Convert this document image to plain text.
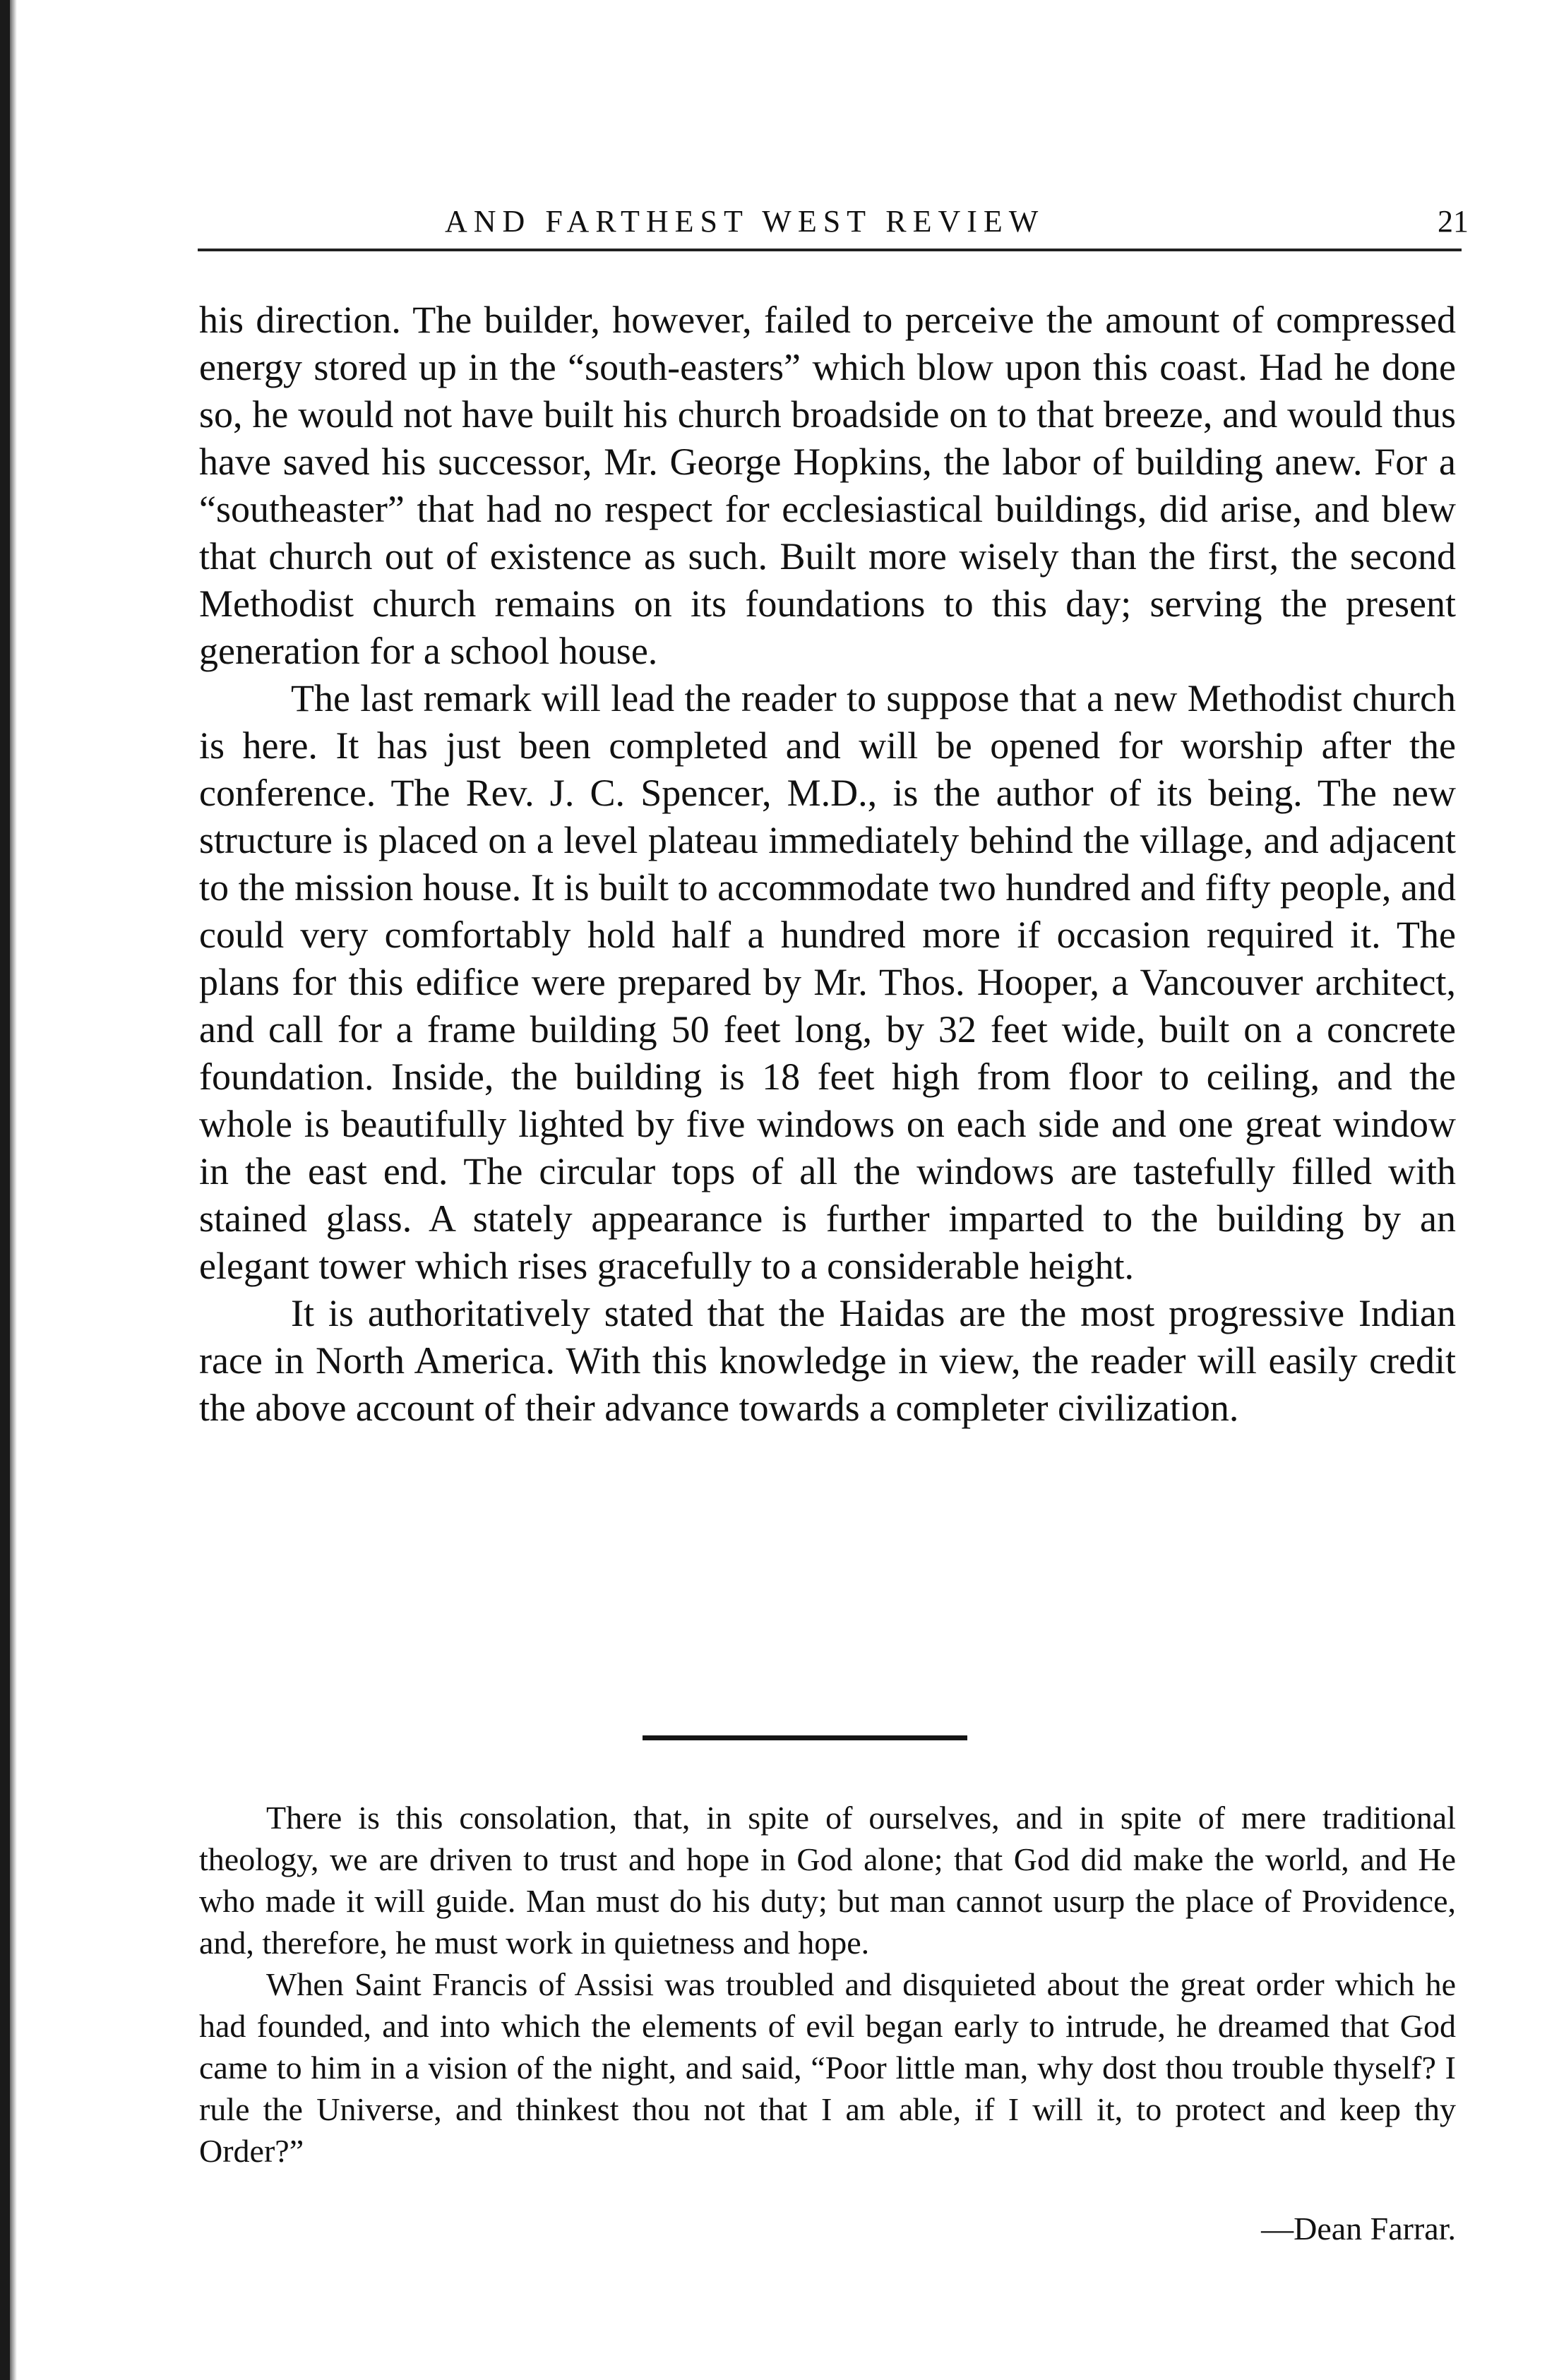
AND FARTHEST WEST REVIEW	21

his direction. The builder, however, failed to perceive the amount of compressed energy stored up in the “south-easters” which blow upon this coast. Had he done so, he would not have built his church broadside on to that breeze, and would thus have saved his successor, Mr. George Hopkins, the labor of building anew. For a “southeaster” that had no respect for ecclesiastical buildings, did arise, and blew that church out of existence as such. Built more wisely than the first, the second Methodist church remains on its foundations to this day; serving the present generation for a school house.

The last remark will lead the reader to suppose that a new Methodist church is here. It has just been completed and will be opened for worship after the conference. The Rev. J. C. Spencer, M.D., is the author of its being. The new structure is placed on a level plateau immediately behind the village, and adjacent to the mission house. It is built to accommodate two hundred and fifty people, and could very comfortably hold half a hundred more if occasion required it. The plans for this edifice were prepared by Mr. Thos. Hooper, a Vancouver architect, and call for a frame building 50 feet long, by 32 feet wide, built on a concrete foundation. Inside, the building is 18 feet high from floor to ceiling, and the whole is beautifully lighted by five windows on each side and one great window in the east end. The circular tops of all the windows are tastefully filled with stained glass. A stately appearance is further imparted to the building by an elegant tower which rises gracefully to a considerable height.

It is authoritatively stated that the Haidas are the most progressive Indian race in North America. With this knowledge in view, the reader will easily credit the above account of their advance towards a completer civilization.

There is this consolation, that, in spite of ourselves, and in spite of mere traditional theology, we are driven to trust and hope in God alone; that God did make the world, and He who made it will guide. Man must do his duty; but man cannot usurp the place of Providence, and, therefore, he must work in quietness and hope.

When Saint Francis of Assisi was troubled and disquieted about the great order which he had founded, and into which the elements of evil began early to intrude, he dreamed that God came to him in a vision of the night, and said, “Poor little man, why dost thou trouble thyself? I rule the Universe, and thinkest thou not that I am able, if I will it, to protect and keep thy Order?”

—Dean Farrar.
